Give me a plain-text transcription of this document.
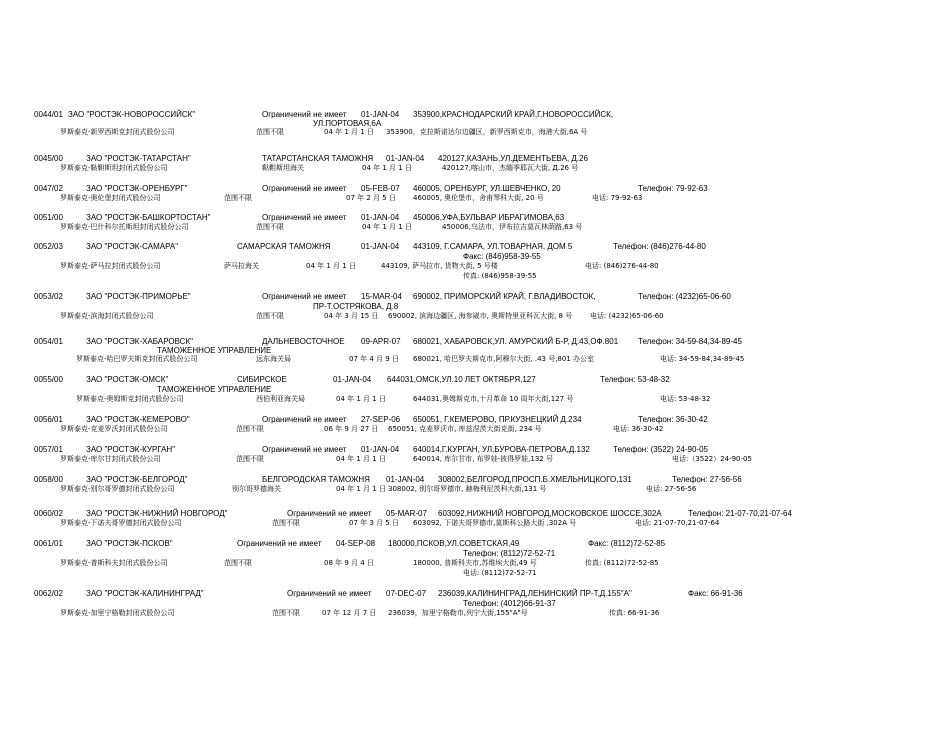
0044/01 ЗАО "РОСТЭК-НОВОРОССИЙСК"	Ограничений не имеет 01-JAN-04 353900,КРАСНОДАРСКИЙ КРАЙ,Г.НОВОРОССИЙСК,
УЛ.ПОРТОВАЯ,6А
罗斯泰克-新罗西斯克封闭式股份公司	范围不限	04 年 1 月 1 日 353900，克拉斯诺达尔边疆区，新罗西斯克市，海港大街,6A 号
0045/00	ЗАО "РОСТЭК-ТАТАРСТАН"	ТАТАРСТАНСКАЯ ТАМОЖНЯ 01-JAN-04 420127,КАЗАНЬ,УЛ.ДЕМЕНТЬЕВА, Д.26
罗斯泰克-鞑靼斯坦封闭式股份公司	鞑靼斯坦海关	04 年 1 月 1 日	420127,喀山市，杰缅季耶瓦大街, Д.26 号
0047/02	ЗАО "РОСТЭК-ОРЕНБУРГ"	Ограничений не имеет 05-FEB-07 460005, ОРЕНБУРГ, УЛ.ШЕВЧЕНКО, 20	Телефон: 79-92-63
罗斯泰克-奥伦堡封闭式股份公司	范围不限	07 年 2 月 5 日 460005, 奥伦堡市，舍甫琴科大街, 20 号	电话: 79-92-63
0051/00	ЗАО "РОСТЭК-БАШКОРТОСТАН"	Ограничений не имеет 01-JAN-04 450006,УФА,БУЛЬВАР ИБРАГИМОВА,63
罗斯泰克-巴什科尔托斯坦封闭式股份公司	范围不限	04 年 1 月 1 日	450006,乌法市，伊布拉吉莫瓦林荫路,63 号
0052/03	ЗАО "РОСТЭК-САМАРА"	САМАРСКАЯ ТАМОЖНЯ	01-JAN-04 443109, Г.САМАРА, УЛ.ТОВАРНАЯ, ДОМ 5	Телефон: (846)276-44-80
Факс: (846)958-39-55
罗斯泰克-萨马拉封闭式股份公司	萨马拉海关	04 年 1 月 1 日	443109, 萨马拉市, 货物大街, 5 号楼	电话: (846)276-44-80
传真: (846)958-39-55
0053/02	ЗАО "РОСТЭК-ПРИМОРЬЕ"	Ограничений не имеет 15-MAR-04 690002, ПРИМОРСКИЙ КРАЙ, Г.ВЛАДИВОСТОК,	Телефон: (4232)65-06-60
ПР-Т.ОСТРЯКОВА, Д.8
罗斯泰克-滨海封闭式股份公司	范围不限	04 年 3 月 15 日 690002, 滨海边疆区, 海参崴市, 奥斯特里亚科瓦大街, 8 号	电话: (4232)65-06-60
0054/01	ЗАО "РОСТЭК-ХАБАРОВСК"	ДАЛЬНЕВОСТОЧНОЕ 09-APR-07 680021, ХАБАРОВСК,УЛ. АМУРСКИЙ Б-Р, Д.43,ОФ.801 Телефон: 34-59-84,34-89-45
ТАМОЖЕННОЕ УПРАВЛЕНИЕ
罗斯泰克-哈巴罗夫斯克封闭式股份公司	远东海关局	07 年 4 月 9 日 680021, 哈巴罗夫斯克市,阿穆尔大街, .43 号,801 办公室	电话: 34-59-84,34-89-45
0055/00	ЗАО "РОСТЭК-ОМСК"	СИБИРСКОЕ	01-JAN-04 644031,ОМСК,УЛ.10 ЛЕТ ОКТЯБРЯ,127	Телефон: 53-48-32
ТАМОЖЕННОЕ УПРАВЛЕНИЕ
罗斯泰克-奥姆斯克封闭式股份公司	西伯利亚海关局	04 年 1 月 1 日	644031,奥姆斯克市,十月革命 10 周年大街,127 号	电话: 53-48-32
0056/01	ЗАО "РОСТЭК-КЕМЕРОВО"	Ограничений не имеет 27-SEP-06 650051, Г.КЕМЕРОВО, ПР.КУЗНЕЦКИЙ Д.234	Телефон: 36-30-42
罗斯泰克-克麦罗沃封闭式股份公司	范围不限	06 年 9 月 27 日 650051, 克麦罗沃市, 库兹涅茨大街克街, 234 号	电话: 36-30-42
0057/01	ЗАО "РОСТЭК-КУРГАН"	Ограничений не имеет 01-JAN-04 640014,Г.КУРГАН, УЛ.БУРОВА-ПЕТРОВА,Д.132	Телефон: (3522) 24-90-05
罗斯泰克-库尔甘封闭式股份公司	范围不限	04 年 1 月 1 日	640014, 库尔甘市, 布罗娃-彼得罗娃,132 号	电话:（3522）24-90-05
0058/00	ЗАО "РОСТЭК-БЕЛГОРОД"	БЕЛГОРОДСКАЯ ТАМОЖНЯ 01-JAN-04 308002,БЕЛГОРОД,ПРОСП.Б.ХМЕЛЬНИЦКОГО,131	Телефон: 27-56-56
罗斯泰克-别尔哥罗德封闭式股份公司	别尔哥罗德海关	04 年 1 月 1 日 308002, 别尔哥罗德市, 赫梅利尼茨科大街,131 号	电话: 27-56-56
0060/02	ЗАО "РОСТЭК-НИЖНИЙ НОВГОРОД"	Ограничений не имеет 05-MAR-07 603092,НИЖНИЙ НОВГОРОД,МОСКОВСКОЕ ШОССЕ,302А	Телефон: 21-07-70,21-07-64
罗斯泰克-下诺夫哥罗德封闭式股份公司	范围不限	07 年 3 月 5 日 603092, 下诺夫哥罗德市,莫斯科公路大街 ,302A 号	电话: 21-07-70,21-07-64
0061/01	ЗАО "РОСТЭК-ПСКОВ"	Ограничений не имеет 04-SEP-08 180000,ПСКОВ,УЛ.СОВЕТСКАЯ,49	Факс: (8112)72-52-85
Телефон: (8112)72-52-71
罗斯泰克-普斯科夫封闭式股份公司	范围不限	08 年 9 月 4 日	180000, 普斯科夫市,苏维埃大街,49 号	传真: (8112)72-52-85
电话: (8112)72-52-71
0062/02	ЗАО "РОСТЭК-КАЛИНИНГРАД"	Ограничений не имеет 07-DEC-07 236039,КАЛИНИНГРАД,ЛЕНИНСКИЙ ПР-Т,Д.155"А"	Факс: 66-91-36
Телефон: (4012)66-91-37
罗斯泰克-加里宁格勒封闭式股份公司	范围不限	07 年 12 月 7 日 236039，加里宁格勒市,列宁大街,155"A"号	传真: 66-91-36
